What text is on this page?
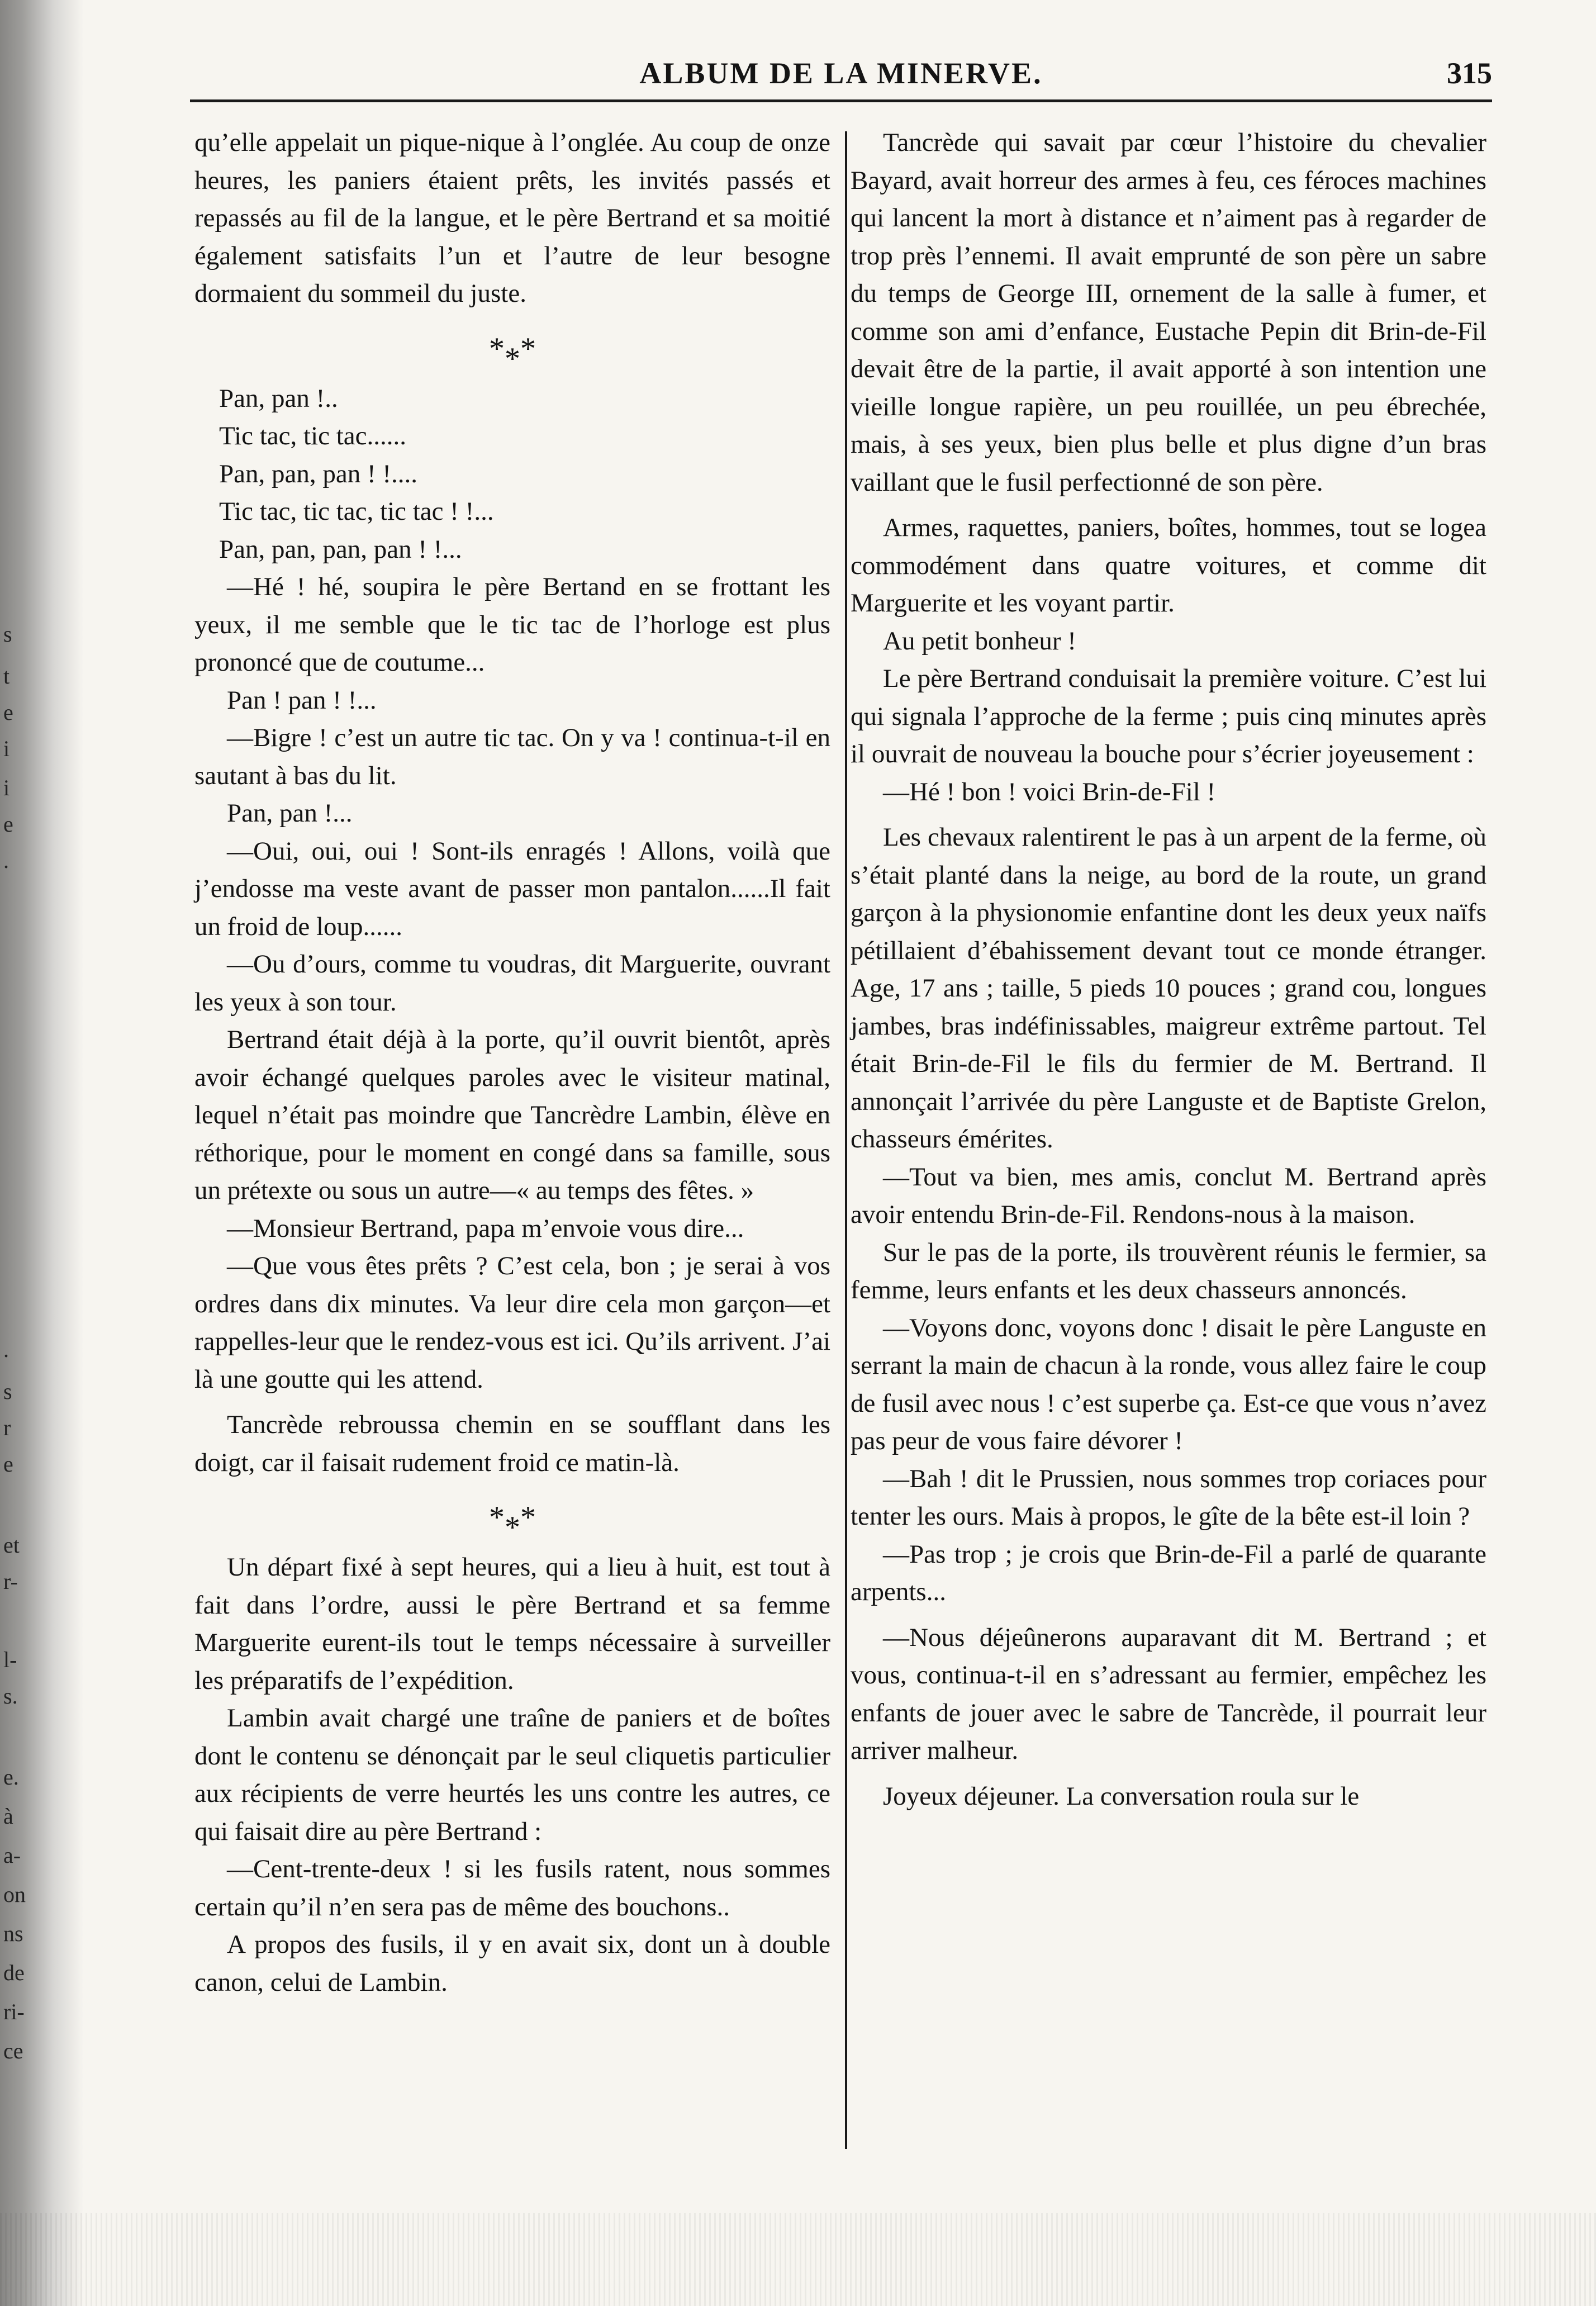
s
t
e
i
i
e
.
.
s
r
e
et
r-
l-
s.
e.
à
a-
on
ns
de
ri-
ce
ALBUM DE LA MINERVE.	315

qu’elle appelait un pique-nique à l’onglée. Au coup de onze heures, les paniers étaient prêts, les invités passés et repassés au fil de la langue, et le père Bertrand et sa moitié également satisfaits l’un et l’autre de leur besogne dormaient du sommeil du juste.

***

Pan, pan !..

Tic tac, tic tac......

Pan, pan, pan ! !....

Tic tac, tic tac, tic tac ! !...

Pan, pan, pan, pan ! !...

—Hé ! hé, soupira le père Bertand en se frottant les yeux, il me semble que le tic tac de l’horloge est plus prononcé que de coutume...

Pan ! pan ! !...

—Bigre ! c’est un autre tic tac. On y va ! continua-t-il en sautant à bas du lit.

Pan, pan !...

—Oui, oui, oui ! Sont-ils enragés ! Allons, voilà que j’endosse ma veste avant de passer mon pantalon......Il fait un froid de loup......

—Ou d’ours, comme tu voudras, dit Marguerite, ouvrant les yeux à son tour.

Bertrand était déjà à la porte, qu’il ouvrit bientôt, après avoir échangé quelques paroles avec le visiteur matinal, lequel n’était pas moindre que Tancrèdre Lambin, élève en réthorique, pour le moment en congé dans sa famille, sous un prétexte ou sous un autre—« au temps des fêtes. »

—Monsieur Bertrand, papa m’envoie vous dire...

—Que vous êtes prêts ? C’est cela, bon ; je serai à vos ordres dans dix minutes. Va leur dire cela mon garçon—et rappelles-leur que le rendez-vous est ici. Qu’ils arrivent. J’ai là une goutte qui les attend.

Tancrède rebroussa chemin en se soufflant dans les doigt, car il faisait rudement froid ce matin-là.

***

Un départ fixé à sept heures, qui a lieu à huit, est tout à fait dans l’ordre, aussi le père Bertrand et sa femme Marguerite eurent-ils tout le temps nécessaire à surveiller les préparatifs de l’expédition.

Lambin avait chargé une traîne de paniers et de boîtes dont le contenu se dénonçait par le seul cliquetis particulier aux récipients de verre heurtés les uns contre les autres, ce qui faisait dire au père Bertrand :

—Cent-trente-deux ! si les fusils ratent, nous sommes certain qu’il n’en sera pas de même des bouchons..

A propos des fusils, il y en avait six, dont un à double canon, celui de Lambin.

Tancrède qui savait par cœur l’histoire du chevalier Bayard, avait horreur des armes à feu, ces féroces machines qui lancent la mort à distance et n’aiment pas à regarder de trop près l’ennemi. Il avait emprunté de son père un sabre du temps de George III, ornement de la salle à fumer, et comme son ami d’enfance, Eustache Pepin dit Brin-de-Fil devait être de la partie, il avait apporté à son intention une vieille longue rapière, un peu rouillée, un peu ébrechée, mais, à ses yeux, bien plus belle et plus digne d’un bras vaillant que le fusil perfectionné de son père.

Armes, raquettes, paniers, boîtes, hommes, tout se logea commodément dans quatre voitures, et comme dit Marguerite et les voyant partir.

Au petit bonheur !

Le père Bertrand conduisait la première voiture. C’est lui qui signala l’approche de la ferme ; puis cinq minutes après il ouvrait de nouveau la bouche pour s’écrier joyeusement :

—Hé ! bon ! voici Brin-de-Fil !

Les chevaux ralentirent le pas à un arpent de la ferme, où s’était planté dans la neige, au bord de la route, un grand garçon à la physionomie enfantine dont les deux yeux naïfs pétillaient d’ébahissement devant tout ce monde étranger. Age, 17 ans ; taille, 5 pieds 10 pouces ; grand cou, longues jambes, bras indéfinissables, maigreur extrême partout. Tel était Brin-de-Fil le fils du fermier de M. Bertrand. Il annonçait l’arrivée du père Languste et de Baptiste Grelon, chasseurs émérites.

—Tout va bien, mes amis, conclut M. Bertrand après avoir entendu Brin-de-Fil. Rendons-nous à la maison.

Sur le pas de la porte, ils trouvèrent réunis le fermier, sa femme, leurs enfants et les deux chasseurs annoncés.

—Voyons donc, voyons donc ! disait le père Languste en serrant la main de chacun à la ronde, vous allez faire le coup de fusil avec nous ! c’est superbe ça. Est-ce que vous n’avez pas peur de vous faire dévorer !

—Bah ! dit le Prussien, nous sommes trop coriaces pour tenter les ours. Mais à propos, le gîte de la bête est-il loin ?

—Pas trop ; je crois que Brin-de-Fil a parlé de quarante arpents...

—Nous déjeûnerons auparavant dit M. Bertrand ; et vous, continua-t-il en s’adressant au fermier, empêchez les enfants de jouer avec le sabre de Tancrède, il pourrait leur arriver malheur.

Joyeux déjeuner. La conversation roula sur le
